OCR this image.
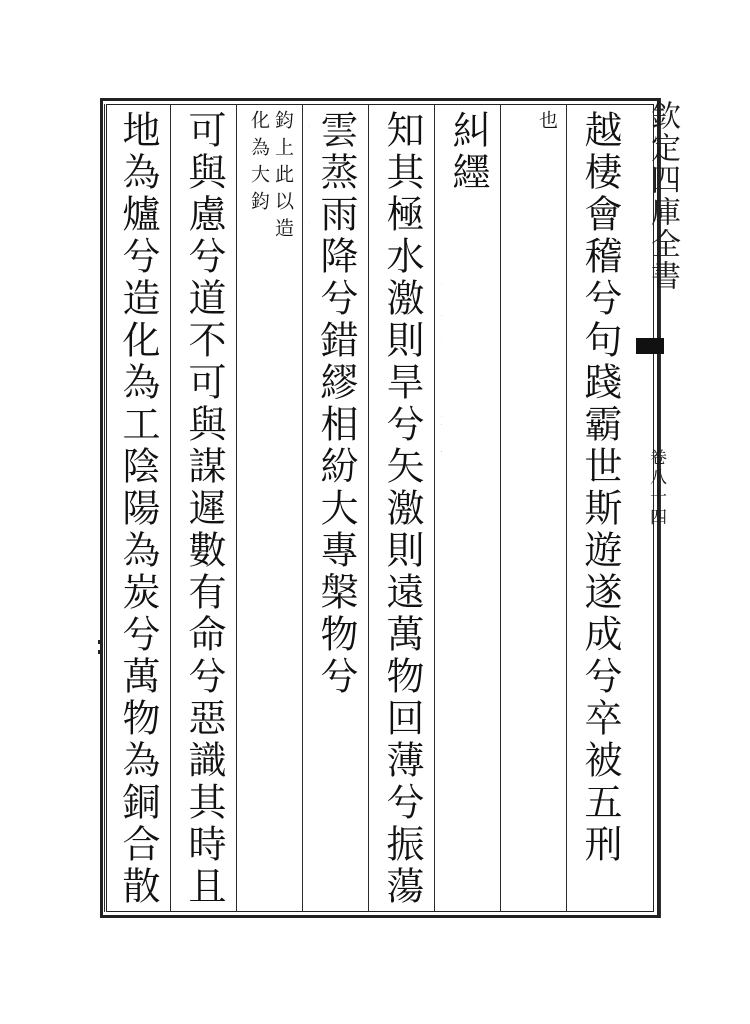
欽定四庫全書
卷八十四
越棲會稽兮句踐霸世斯遊遂成兮卒被五刑
也
糾纆
知其極水激則旱兮矢激則遠萬物回薄兮振蕩
雲蒸雨降兮錯繆相紛大專槃物兮
鈞上此以造化為大鈞
可與慮兮道不可與謀遲數有命兮惡識其時且
地為爐兮造化為工陰陽為炭兮萬物為銅合散
